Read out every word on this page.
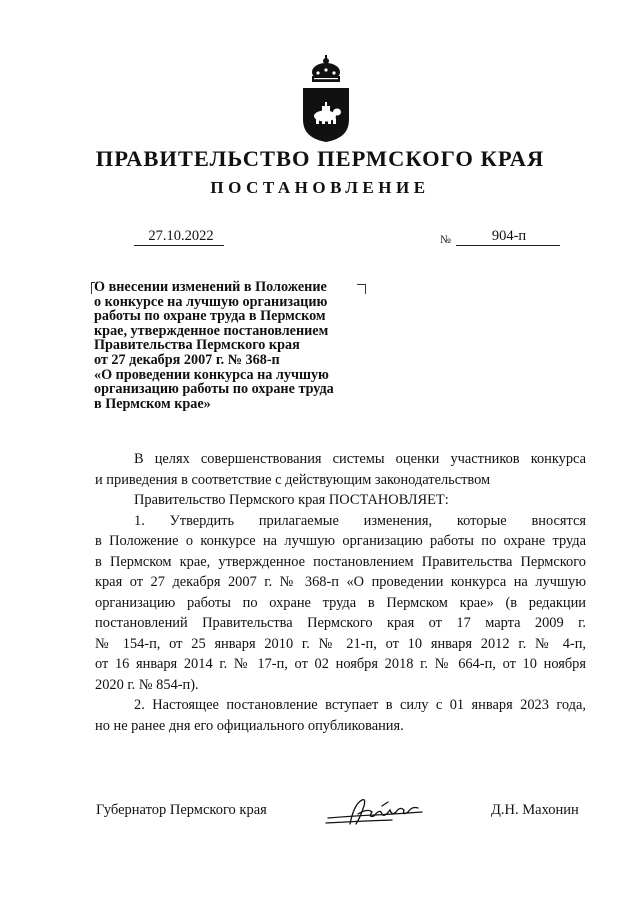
ПРАВИТЕЛЬСТВО ПЕРМСКОГО КРАЯ
ПОСТАНОВЛЕНИЕ
27.10.2022	№	904-п
О внесении изменений в Положение
о конкурсе на лучшую организацию
работы по охране труда в Пермском
крае, утвержденное постановлением
Правительства Пермского края
от 27 декабря 2007 г. № 368-п
«О проведении конкурса на лучшую
организацию работы по охране труда
в Пермском крае»

В целях совершенствования системы оценки участников конкурса

и приведения в соответствие с действующим законодательством

Правительство Пермского края ПОСТАНОВЛЯЕТ:

1. Утвердить прилагаемые изменения, которые вносятся

в Положение о конкурсе на лучшую организацию работы по охране труда

в Пермском крае, утвержденное постановлением Правительства Пермского

края от 27 декабря 2007 г. № 368-п «О проведении конкурса на лучшую

организацию работы по охране труда в Пермском крае» (в редакции

постановлений Правительства Пермского края от 17 марта 2009 г.

№ 154-п, от 25 января 2010 г. № 21-п, от 10 января 2012 г. № 4-п,

от 16 января 2014 г. № 17-п, от 02 ноября 2018 г. № 664-п, от 10 ноября

2020 г. № 854-п).

2. Настоящее постановление вступает в силу с 01 января 2023 года,

но не ранее дня его официального опубликования.

Губернатор Пермского края	Д.Н. Махонин
